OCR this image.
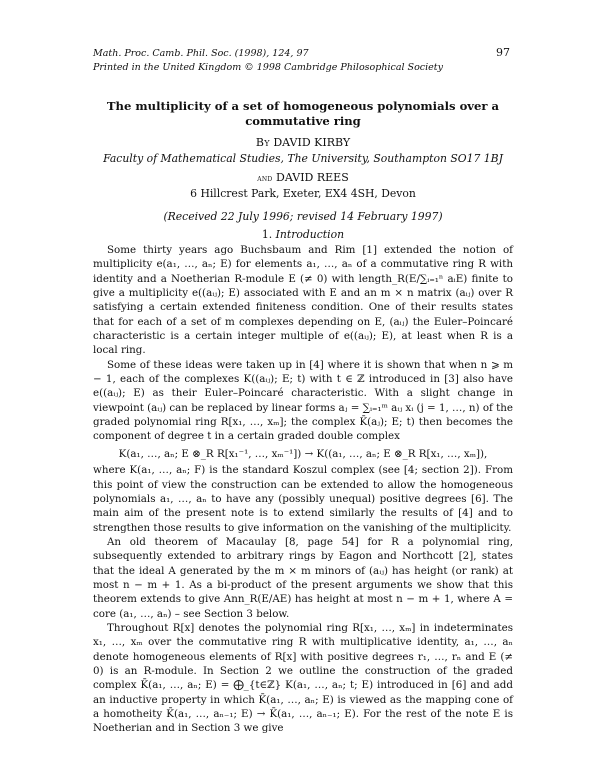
Math. Proc. Camb. Phil. Soc. (1998), 124, 97
Printed in the United Kingdom © 1998 Cambridge Philosophical Society
97
The multiplicity of a set of homogeneous polynomials over a
commutative ring
By DAVID KIRBY
Faculty of Mathematical Studies, The University, Southampton SO17 1BJ
and DAVID REES
6 Hillcrest Park, Exeter, EX4 4SH, Devon
(Received 22 July 1996; revised 14 February 1997)
1. Introduction

Some thirty years ago Buchsbaum and Rim [1] extended the notion of multiplicity e(a₁, …, aₙ; E) for elements a₁, …, aₙ of a commutative ring R with identity and a Noetherian R-module E (≠ 0) with length_R(E/∑ᵢ₌₁ⁿ aᵢE) finite to give a multiplicity e((aᵢⱼ); E) associated with E and an m × n matrix (aᵢⱼ) over R satisfying a certain extended finiteness condition. One of their results states that for each of a set of m complexes depending on E, (aᵢⱼ) the Euler–Poincaré characteristic is a certain integer multiple of e((aᵢⱼ); E), at least when R is a local ring.

Some of these ideas were taken up in [4] where it is shown that when n ⩾ m − 1, each of the complexes K((aᵢⱼ); E; t) with t ∈ ℤ introduced in [3] also have e((aᵢⱼ); E) as their Euler–Poincaré characteristic. With a slight change in viewpoint (aᵢⱼ) can be replaced by linear forms aⱼ = ∑ᵢ₌₁ᵐ aᵢⱼ xᵢ (j = 1, …, n) of the graded polynomial ring R[x₁, …, xₘ]; the complex K̄(aⱼ); E; t) then becomes the component of degree t in a certain graded double complex

K(a₁, …, aₙ; E ⊗_R R[x₁⁻¹, …, xₘ⁻¹]) → K((a₁, …, aₙ; E ⊗_R R[x₁, …, xₘ]),

where K(a₁, …, aₙ; F) is the standard Koszul complex (see [4; section 2]). From this point of view the construction can be extended to allow the homogeneous polynomials a₁, …, aₙ to have any (possibly unequal) positive degrees [6]. The main aim of the present note is to extend similarly the results of [4] and to strengthen those results to give information on the vanishing of the multiplicity.

An old theorem of Macaulay [8, page 54] for R a polynomial ring, subsequently extended to arbitrary rings by Eagon and Northcott [2], states that the ideal A generated by the m × m minors of (aᵢⱼ) has height (or rank) at most n − m + 1. As a bi-product of the present arguments we show that this theorem extends to give Ann_R(E/AE) has height at most n − m + 1, where A = core (a₁, …, aₙ) – see Section 3 below.

Throughout R[x] denotes the polynomial ring R[x₁, …, xₘ] in indeterminates x₁, …, xₘ over the commutative ring R with multiplicative identity, a₁, …, aₙ denote homogeneous elements of R[x] with positive degrees r₁, …, rₙ and E (≠ 0) is an R-module. In Section 2 we outline the construction of the graded complex K̄(a₁, …, aₙ; E) = ⨁_{t∈ℤ} K(a₁, …, aₙ; t; E) introduced in [6] and add an inductive property in which K̄(a₁, …, aₙ; E) is viewed as the mapping cone of a homotheity K̄(a₁, …, aₙ₋₁; E) → K̄(a₁, …, aₙ₋₁; E). For the rest of the note E is Noetherian and in Section 3 we give
